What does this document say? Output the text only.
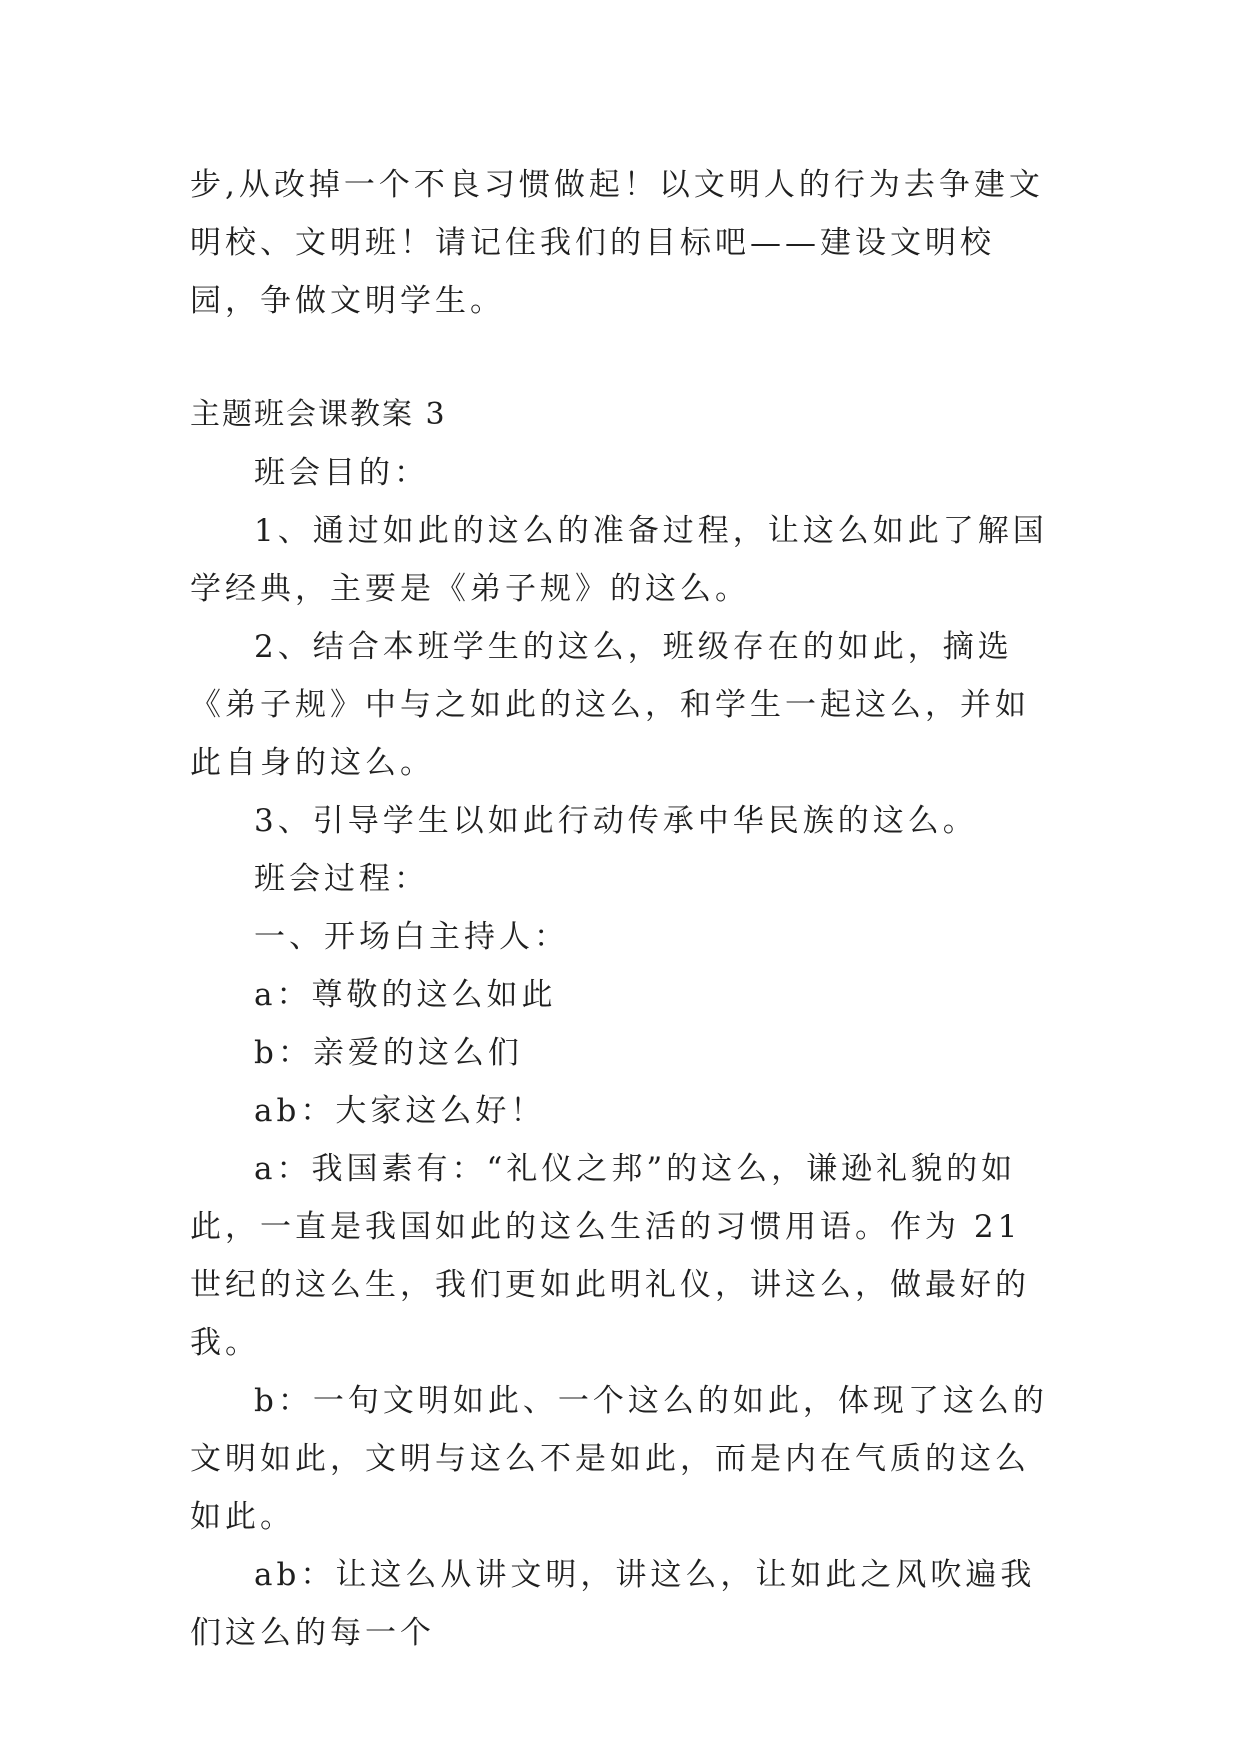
步,从改掉一个不良习惯做起！以文明人的行为去争建文明校、文明班！请记住我们的目标吧——建设文明校园，争做文明学生。

主题班会课教案 3

班会目的：

1、通过如此的这么的准备过程，让这么如此了解国学经典，主要是《弟子规》的这么。

2、结合本班学生的这么，班级存在的如此，摘选《弟子规》中与之如此的这么，和学生一起这么，并如此自身的这么。

3、引导学生以如此行动传承中华民族的这么。

班会过程：

一、开场白主持人：

a：尊敬的这么如此

b：亲爱的这么们

ab：大家这么好！

a：我国素有：“礼仪之邦”的这么，谦逊礼貌的如此，一直是我国如此的这么生活的习惯用语。作为 21 世纪的这么生，我们更如此明礼仪，讲这么，做最好的我。

b：一句文明如此、一个这么的如此，体现了这么的文明如此，文明与这么不是如此，而是内在气质的这么如此。

ab：让这么从讲文明，讲这么，让如此之风吹遍我们这么的每一个
